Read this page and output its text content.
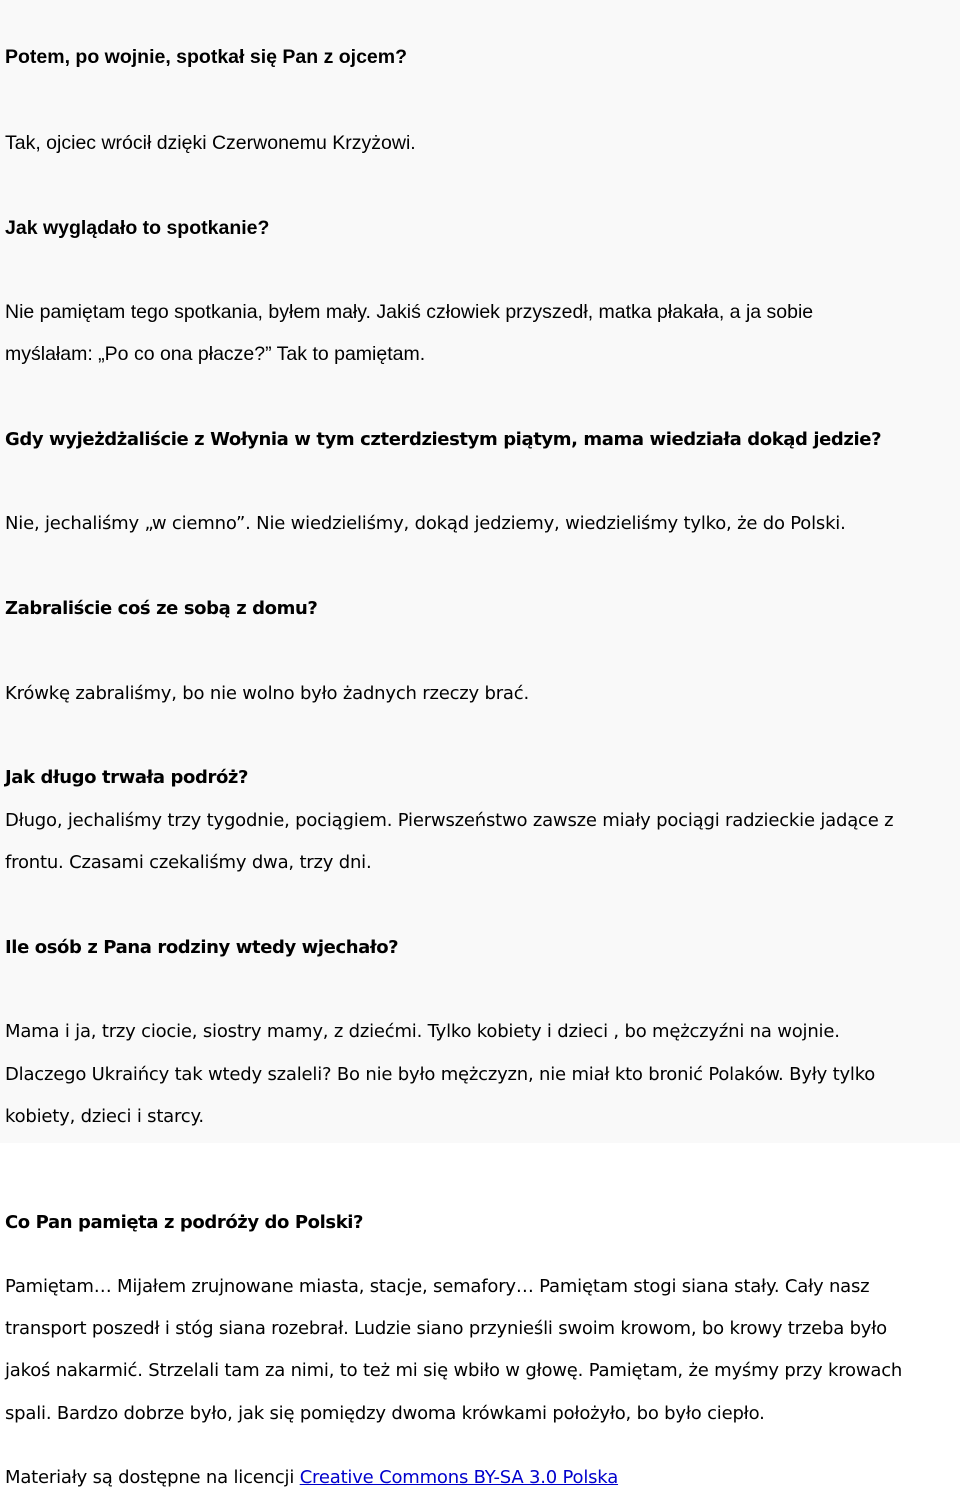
Potem, po wojnie, spotkał się Pan z ojcem?

Tak, ojciec wrócił dzięki Czerwonemu Krzyżowi.

Jak wyglądało to spotkanie?

Nie pamiętam tego spotkania, byłem mały. Jakiś człowiek przyszedł, matka płakała, a ja sobie

myślałam: „Po co ona płacze?” Tak to pamiętam.

Gdy wyjeżdżaliście z Wołynia w tym czterdziestym piątym, mama wiedziała dokąd jedzie?

Nie, jechaliśmy „w ciemno”. Nie wiedzieliśmy, dokąd jedziemy, wiedzieliśmy tylko, że do Polski.

Zabraliście coś ze sobą z domu?

Krówkę zabraliśmy, bo nie wolno było żadnych rzeczy brać.

Jak długo trwała podróż?

Długo, jechaliśmy trzy tygodnie, pociągiem. Pierwszeństwo zawsze miały pociągi radzieckie jadące z

frontu. Czasami czekaliśmy dwa, trzy dni.

Ile osób z Pana rodziny wtedy wjechało?

Mama i ja, trzy ciocie, siostry mamy, z dziećmi. Tylko kobiety i dzieci , bo mężczyźni na wojnie.

Dlaczego Ukraińcy tak wtedy szaleli? Bo nie było mężczyzn, nie miał kto bronić Polaków. Były tylko

kobiety, dzieci i starcy.

Co Pan pamięta z podróży do Polski?

Pamiętam… Mijałem zrujnowane miasta, stacje, semafory… Pamiętam stogi siana stały. Cały nasz

transport poszedł i stóg siana rozebrał. Ludzie siano przynieśli swoim krowom, bo krowy trzeba było

jakoś nakarmić. Strzelali tam za nimi, to też mi się wbiło w głowę. Pamiętam, że myśmy przy krowach

spali. Bardzo dobrze było, jak się pomiędzy dwoma krówkami położyło, bo było ciepło.

Materiały są dostępne na licencji Creative Commons BY-SA 3.0 Polska
